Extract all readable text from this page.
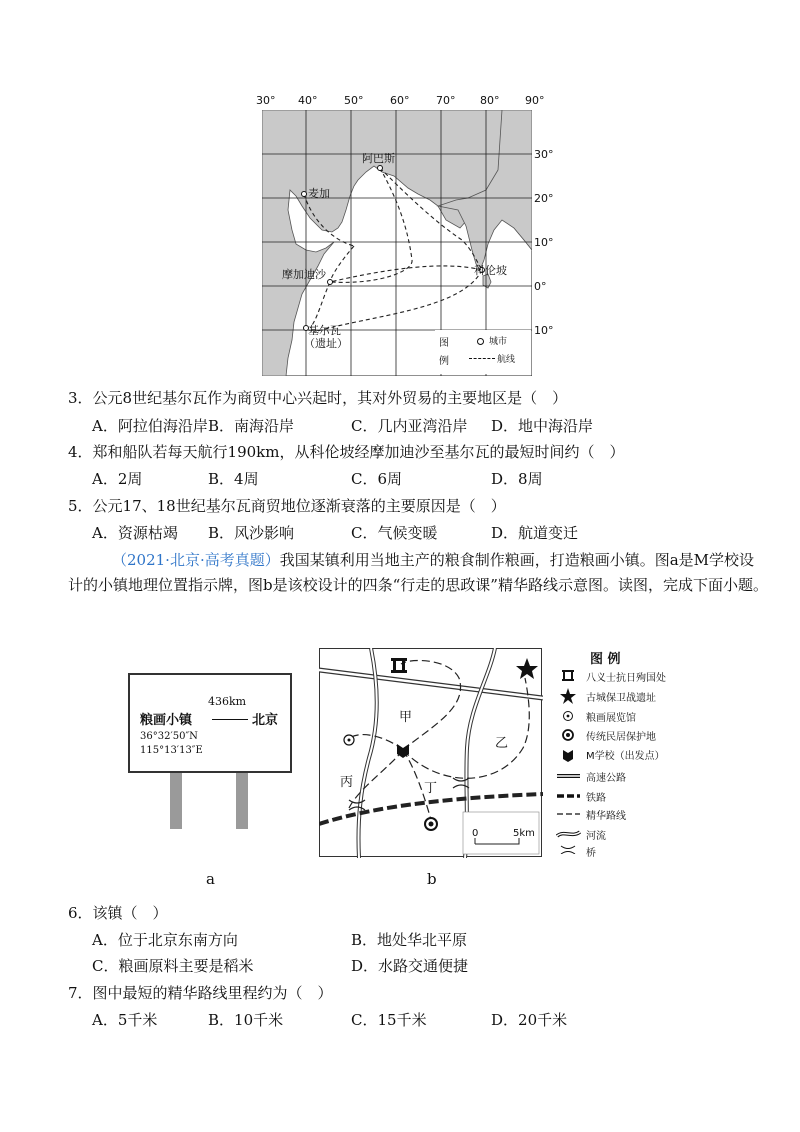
30° 40° 50° 60° 70° 80° 90°
阿巴斯
麦加
摩加迪沙	科伦坡
基尔瓦
（遗址）
30°
20°
10°
0°
10°
图
例
城市
航线
3．公元8世纪基尔瓦作为商贸中心兴起时，其对外贸易的主要地区是（　）
A．阿拉伯海沿岸 B．南海沿岸	C．几内亚湾沿岸 D．地中海沿岸
4．郑和船队若每天航行190km，从科伦坡经摩加迪沙至基尔瓦的最短时间约（　）
A．2周	B．4周	C．6周	D．8周
5．公元17、18世纪基尔瓦商贸地位逐渐衰落的主要原因是（　）
A．资源枯竭 B．风沙影响	C．气候变暖	D．航道变迁
（2021·北京·高考真题）我国某镇利用当地主产的粮食制作粮画，打造粮画小镇。图a是M学校设计的小镇地理位置指示牌，图b是该校设计的四条“行走的思政课”精华路线示意图。读图，完成下面小题。
436km
粮画小镇	北京
36°32′50″N
115°13′13″E
a
甲
乙
丙	丁
0	5km
b
图 例
八义士抗日殉国处
古城保卫战遗址
粮画展览馆
传统民居保护地
M学校（出发点）
高速公路
铁路
精华路线
河流
桥
6．该镇（　）
A．位于北京东南方向	B．地处华北平原
C．粮画原料主要是稻米	D．水路交通便捷
7．图中最短的精华路线里程约为（　）
A．5千米	B．10千米	C．15千米	D．20千米
